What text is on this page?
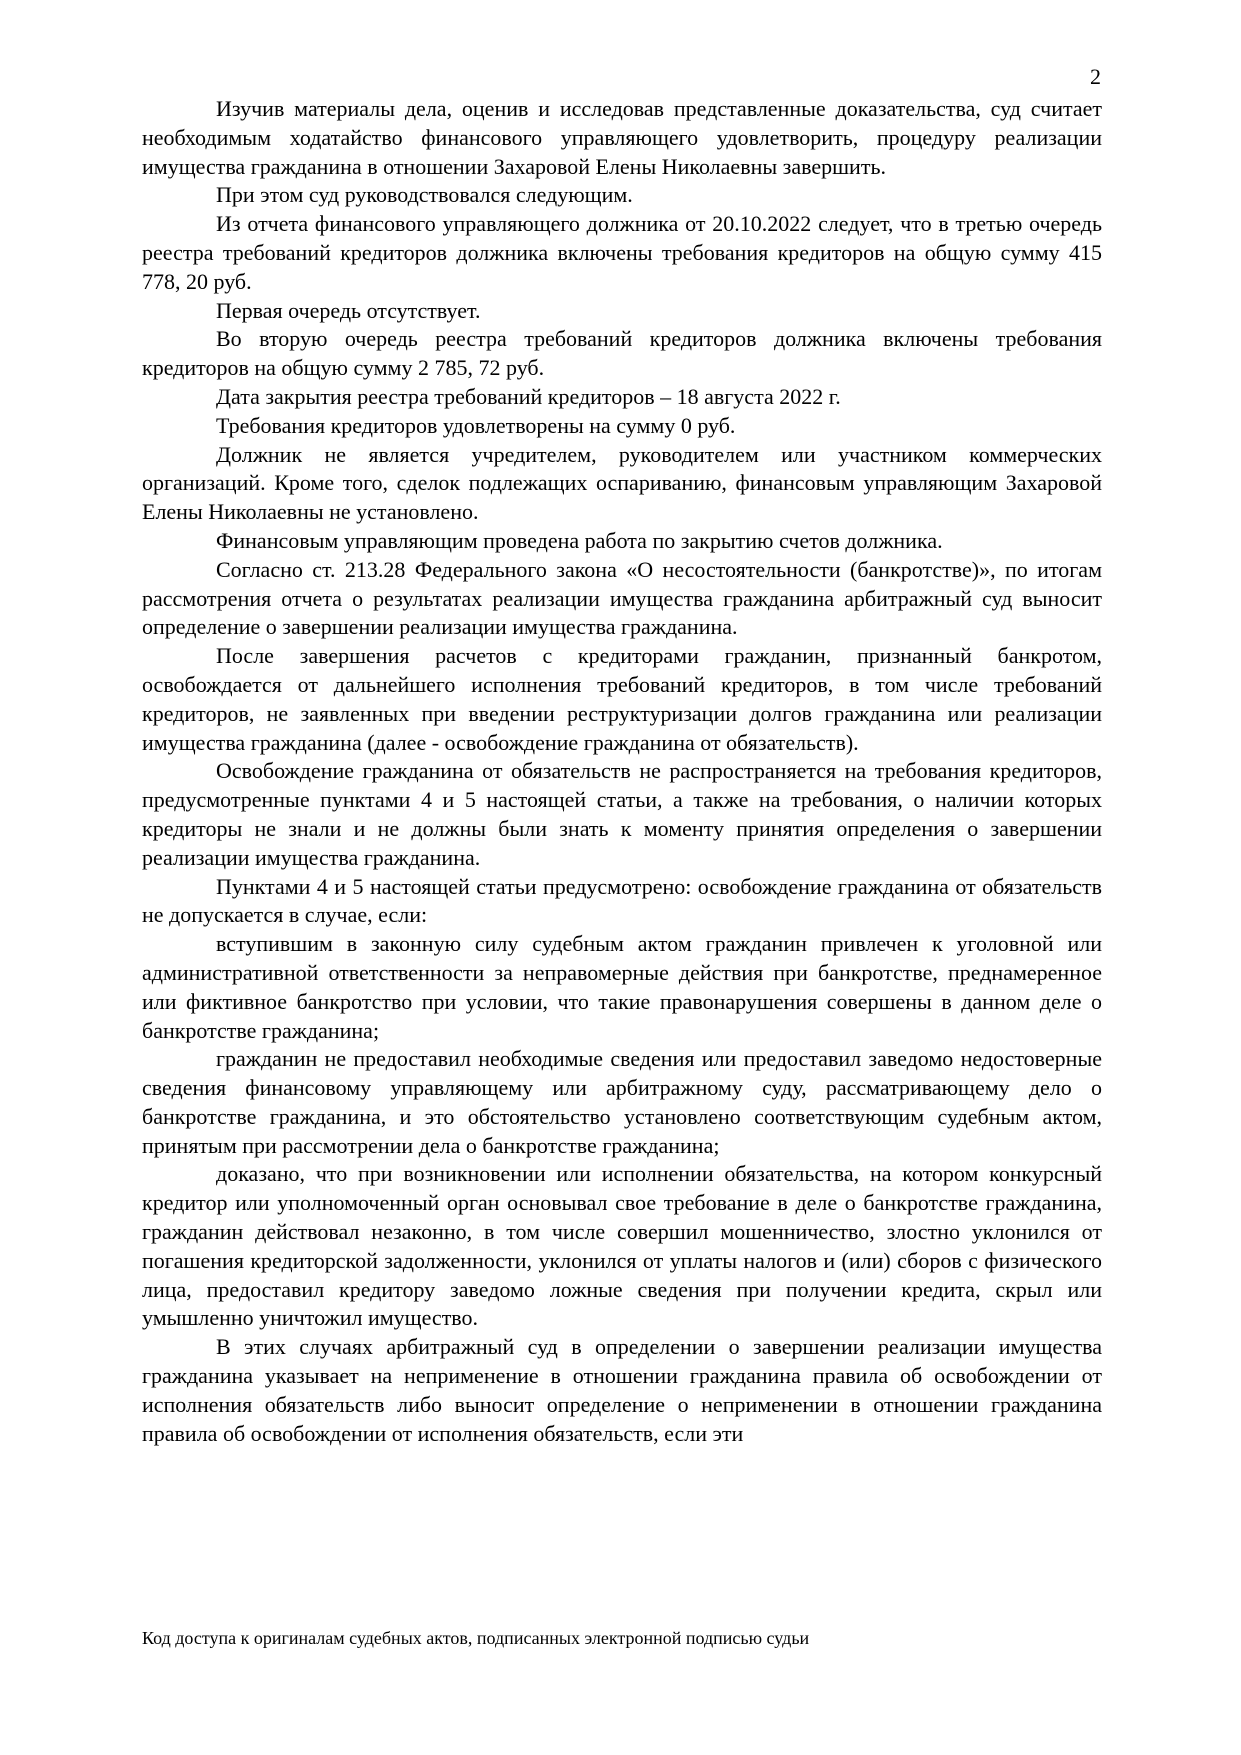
2

Изучив материалы дела, оценив и исследовав представленные доказательства, суд считает необходимым ходатайство финансового управляющего удовлетворить, процедуру реализации имущества гражданина в отношении Захаровой Елены Николаевны завершить.

При этом суд руководствовался следующим.

Из отчета финансового управляющего должника от 20.10.2022 следует, что в третью очередь реестра требований кредиторов должника включены требования кредиторов на общую сумму 415 778, 20 руб.

Первая очередь отсутствует.

Во вторую очередь реестра требований кредиторов должника включены требования кредиторов на общую сумму 2 785, 72 руб.

Дата закрытия реестра требований кредиторов – 18 августа 2022 г.

Требования кредиторов удовлетворены на сумму 0 руб.

Должник не является учредителем, руководителем или участником коммерческих организаций. Кроме того, сделок подлежащих оспариванию, финансовым управляющим Захаровой Елены Николаевны не установлено.

Финансовым управляющим проведена работа по закрытию счетов должника.

Согласно ст. 213.28 Федерального закона «О несостоятельности (банкротстве)», по итогам рассмотрения отчета о результатах реализации имущества гражданина арбитражный суд выносит определение о завершении реализации имущества гражданина.

После завершения расчетов с кредиторами гражданин, признанный банкротом, освобождается от дальнейшего исполнения требований кредиторов, в том числе требований кредиторов, не заявленных при введении реструктуризации долгов гражданина или реализации имущества гражданина (далее - освобождение гражданина от обязательств).

Освобождение гражданина от обязательств не распространяется на требования кредиторов, предусмотренные пунктами 4 и 5 настоящей статьи, а также на требования, о наличии которых кредиторы не знали и не должны были знать к моменту принятия определения о завершении реализации имущества гражданина.

Пунктами 4 и 5 настоящей статьи предусмотрено: освобождение гражданина от обязательств не допускается в случае, если:

вступившим в законную силу судебным актом гражданин привлечен к уголовной или административной ответственности за неправомерные действия при банкротстве, преднамеренное или фиктивное банкротство при условии, что такие правонарушения совершены в данном деле о банкротстве гражданина;

гражданин не предоставил необходимые сведения или предоставил заведомо недостоверные сведения финансовому управляющему или арбитражному суду, рассматривающему дело о банкротстве гражданина, и это обстоятельство установлено соответствующим судебным актом, принятым при рассмотрении дела о банкротстве гражданина;

доказано, что при возникновении или исполнении обязательства, на котором конкурсный кредитор или уполномоченный орган основывал свое требование в деле о банкротстве гражданина, гражданин действовал незаконно, в том числе совершил мошенничество, злостно уклонился от погашения кредиторской задолженности, уклонился от уплаты налогов и (или) сборов с физического лица, предоставил кредитору заведомо ложные сведения при получении кредита, скрыл или умышленно уничтожил имущество.

В этих случаях арбитражный суд в определении о завершении реализации имущества гражданина указывает на неприменение в отношении гражданина правила об освобождении от исполнения обязательств либо выносит определение о неприменении в отношении гражданина правила об освобождении от исполнения обязательств, если эти

Код доступа к оригиналам судебных актов, подписанных электронной подписью судьи
